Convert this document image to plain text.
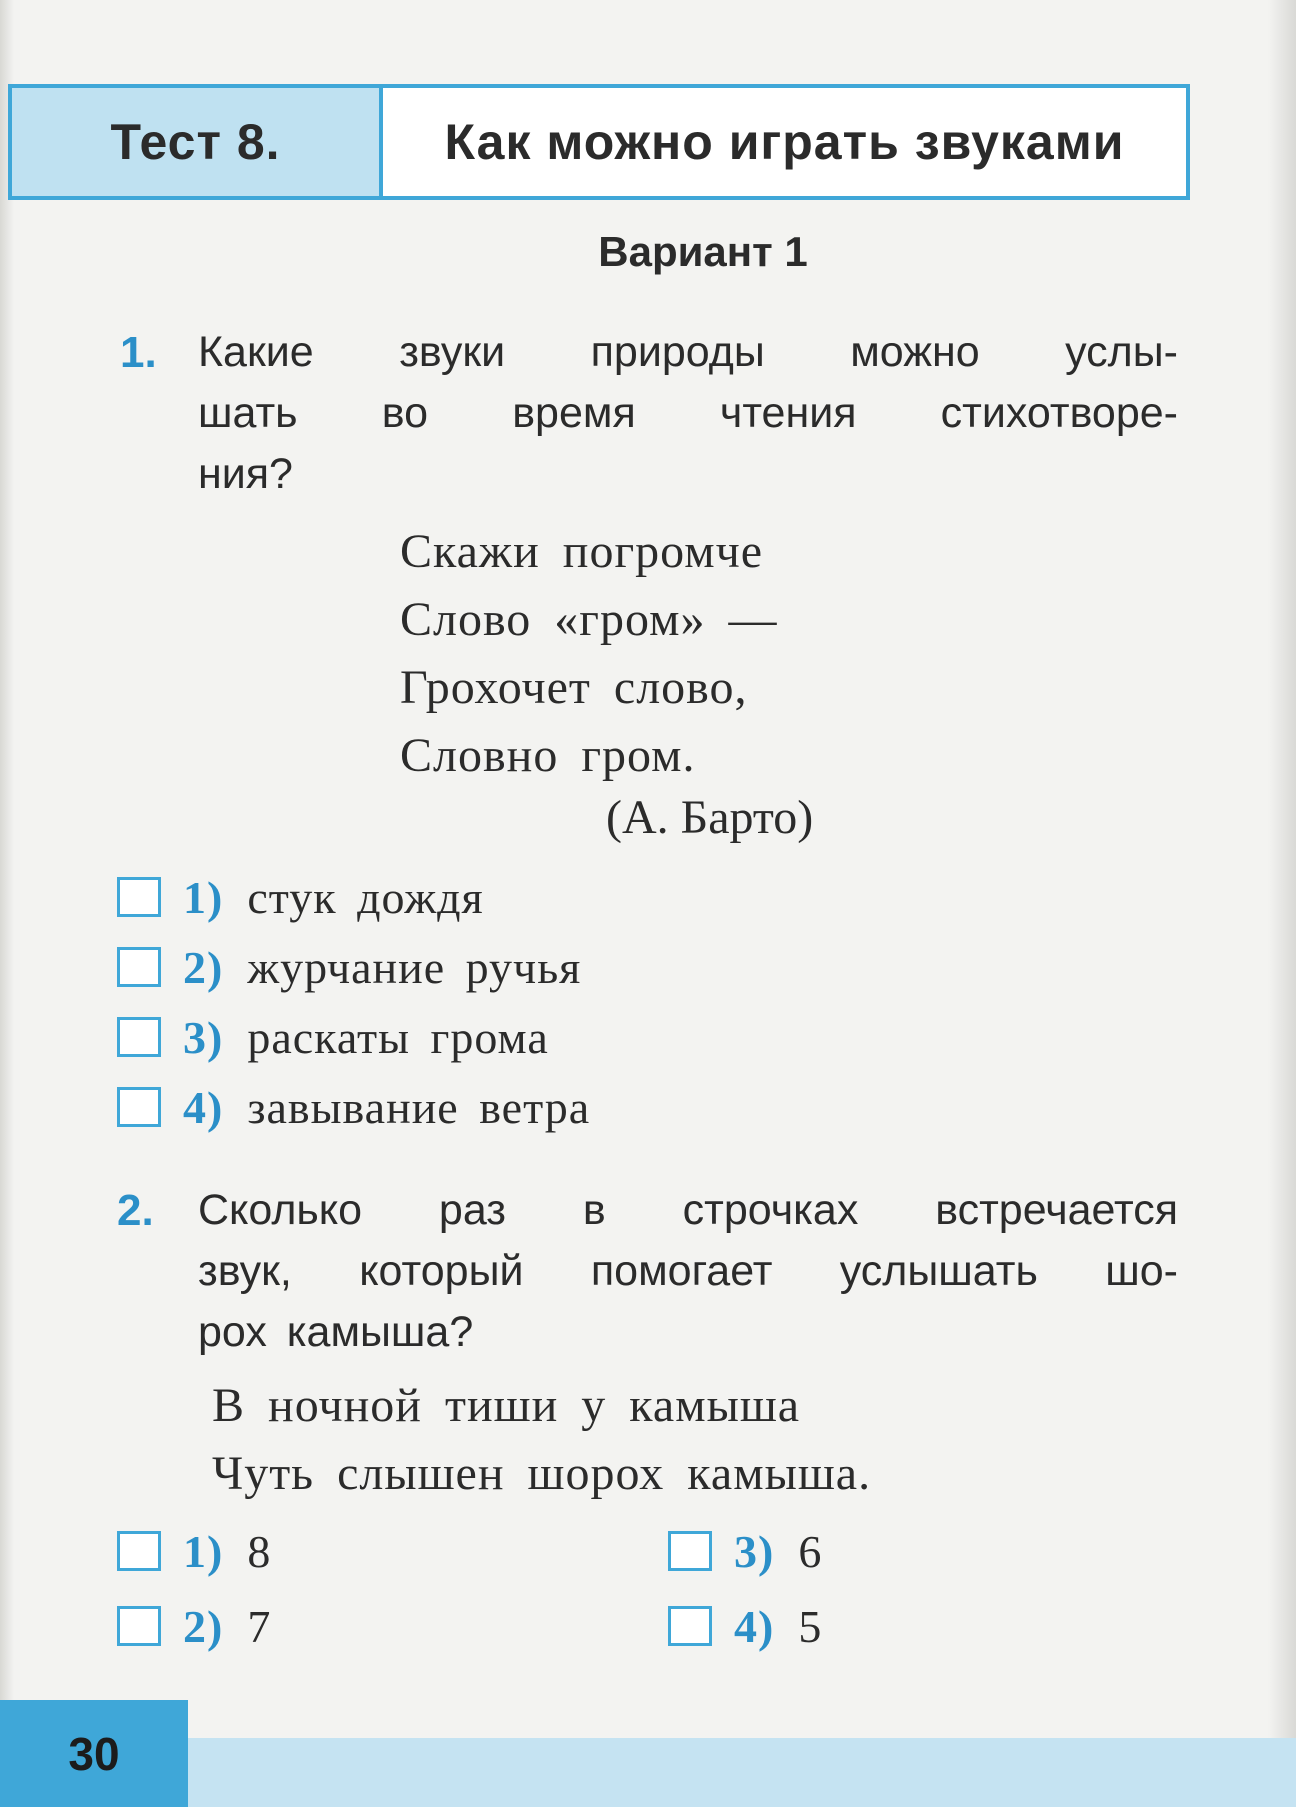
Тест 8.	Как можно играть звуками
Вариант 1
1. Какие звуки природы можно услы-
шать во время чтения стихотворе-
ния?
Скажи погромче
Слово «гром» —
Грохочет слово,
Словно гром.
(А. Барто)
1) стук дождя
2) журчание ручья
3) раскаты грома
4) завывание ветра
2. Сколько раз в строчках встречается
звук, который помогает услышать шо-
рох камыша?
В ночной тиши у камыша
Чуть слышен шорох камыша.
1) 8
2) 7
3) 6
4) 5
30
